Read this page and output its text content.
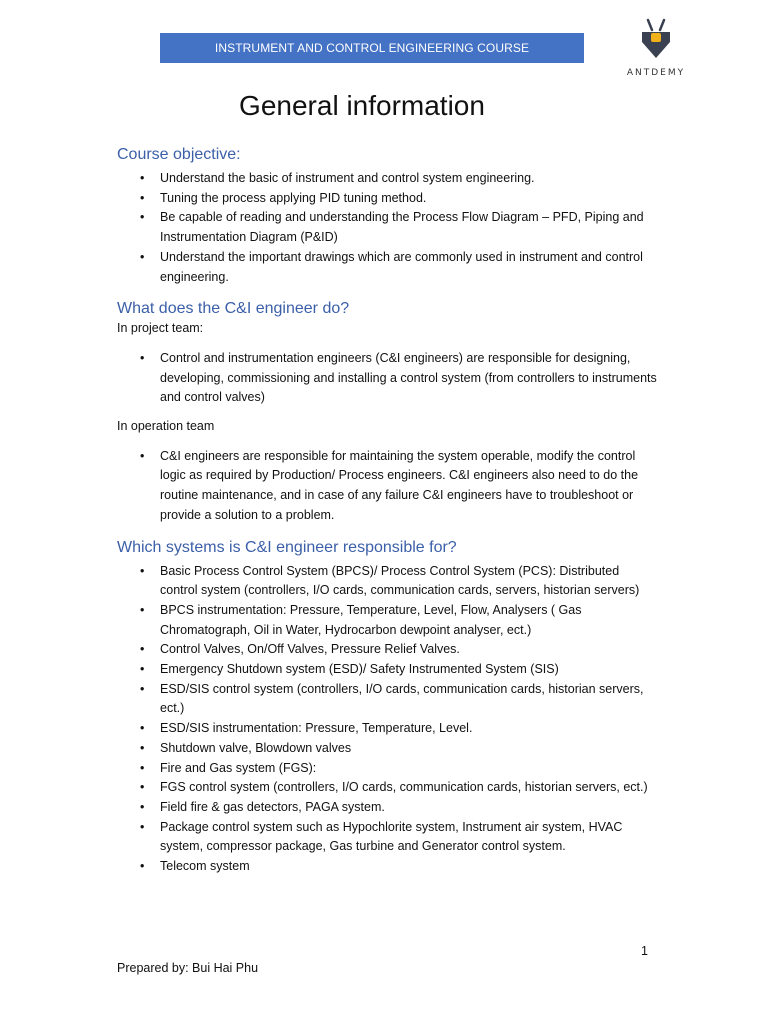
INSTRUMENT AND CONTROL ENGINEERING COURSE
ANTDEMY
General information
Course objective:
• Understand the basic of instrument and control system engineering.
• Tuning the process applying PID tuning method.
• Be capable of reading and understanding the Process Flow Diagram – PFD, Piping and Instrumentation Diagram (P&ID)
• Understand the important drawings which are commonly used in instrument and control engineering.
What does the C&I engineer do?

In project team:

• Control and instrumentation engineers (C&I engineers) are responsible for designing, developing, commissioning and installing a control system (from controllers to instruments and control valves)

In operation team

• C&I engineers are responsible for maintaining the system operable, modify the control logic as required by Production/ Process engineers. C&I engineers also need to do the routine maintenance, and in case of any failure C&I engineers have to troubleshoot or provide a solution to a problem.
Which systems is C&I engineer responsible for?
• Basic Process Control System (BPCS)/ Process Control System (PCS): Distributed control system (controllers, I/O cards, communication cards, servers, historian servers)
• BPCS instrumentation: Pressure, Temperature, Level, Flow, Analysers ( Gas Chromatograph, Oil in Water, Hydrocarbon dewpoint analyser, ect.)
• Control Valves, On/Off Valves, Pressure Relief Valves.
• Emergency Shutdown system (ESD)/ Safety Instrumented System (SIS)
• ESD/SIS control system (controllers, I/O cards, communication cards, historian servers, ect.)
• ESD/SIS instrumentation: Pressure, Temperature, Level.
• Shutdown valve, Blowdown valves
• Fire and Gas system (FGS):
• FGS control system (controllers, I/O cards, communication cards, historian servers, ect.)
• Field fire & gas detectors, PAGA system.
• Package control system such as Hypochlorite system, Instrument air system, HVAC system, compressor package, Gas turbine and Generator control system.
• Telecom system
1
Prepared by: Bui Hai Phu
